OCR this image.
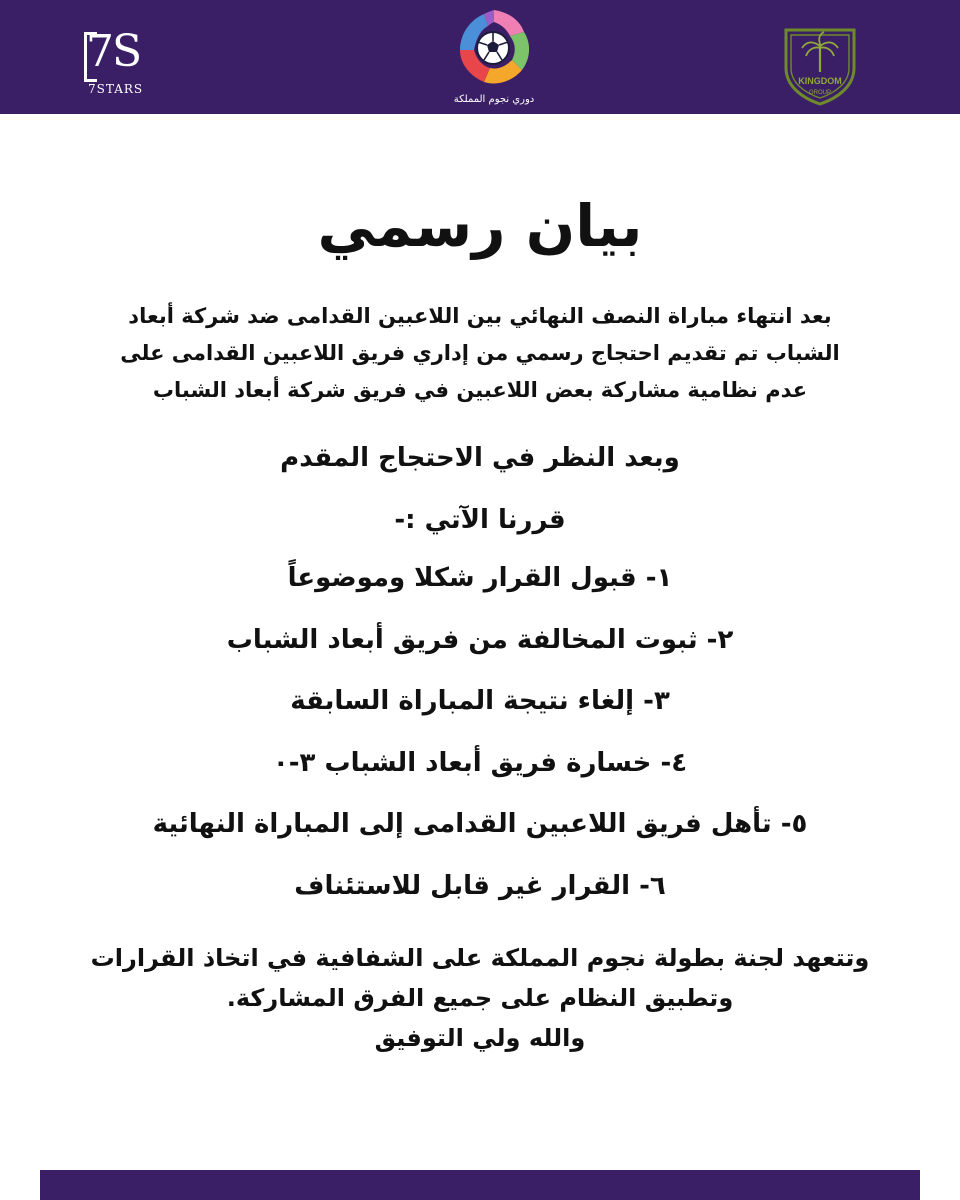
7S
7STARS
دوري نجوم المملكة
KINGDOM
GROUP
بيان رسمي
بعد انتهاء مباراة النصف النهائي بين اللاعبين القدامى ضد شركة أبعاد
الشباب تم تقديم احتجاج رسمي من إداري فريق اللاعبين القدامى على
عدم نظامية مشاركة بعض اللاعبين في فريق شركة أبعاد الشباب
وبعد النظر في الاحتجاج المقدم
قررنا الآتي :-
١- قبول القرار شكلا وموضوعاً
٢- ثبوت المخالفة من فريق أبعاد الشباب
٣- إلغاء نتيجة المباراة السابقة
٤- خسارة فريق أبعاد الشباب ٣-٠
٥- تأهل فريق اللاعبين القدامى إلى المباراة النهائية
٦- القرار غير قابل للاستئناف
وتتعهد لجنة بطولة نجوم المملكة على الشفافية في اتخاذ القرارات
وتطبيق النظام على جميع الفرق المشاركة.
والله ولي التوفيق
